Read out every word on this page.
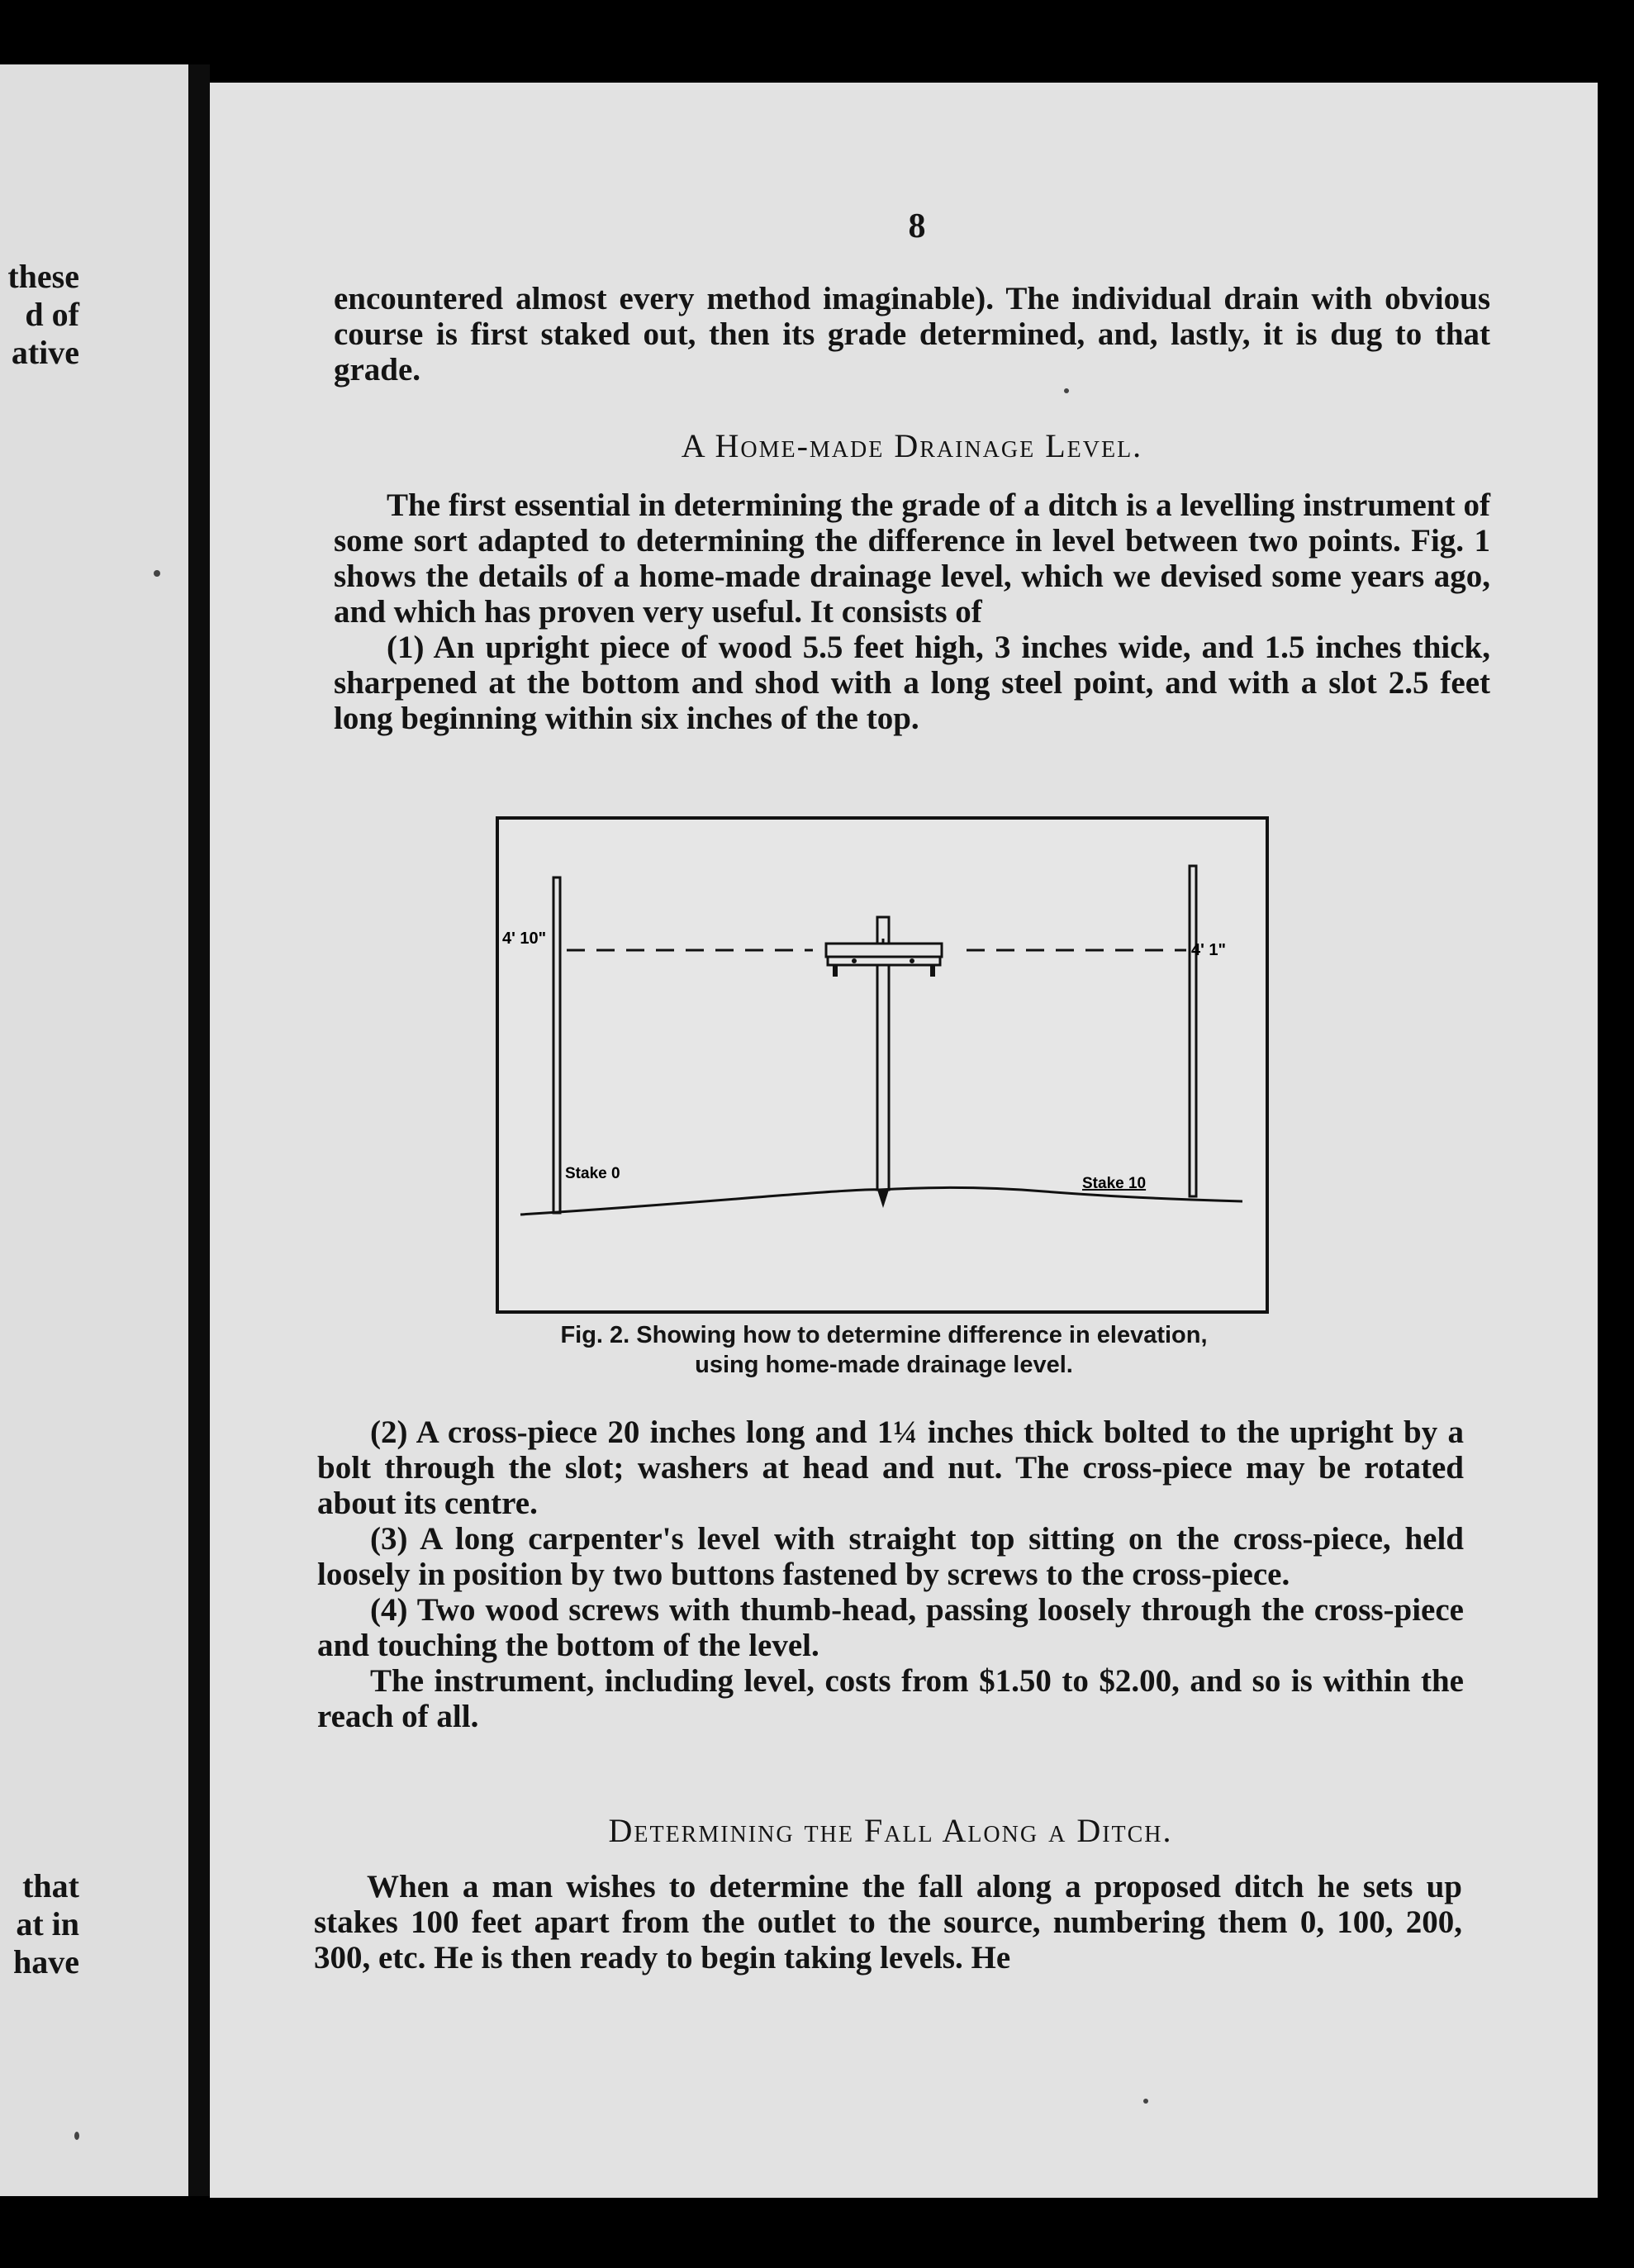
these
d of
ative
that
at in
have
8

encountered almost every method imaginable). The individual drain with obvious course is first staked out, then its grade determined, and, lastly, it is dug to that grade.

A Home-made Drainage Level.

The first essential in determining the grade of a ditch is a levelling instrument of some sort adapted to determining the difference in level between two points. Fig. 1 shows the details of a home-made drainage level, which we devised some years ago, and which has proven very useful. It consists of

(1) An upright piece of wood 5.5 feet high, 3 inches wide, and 1.5 inches thick, sharpened at the bottom and shod with a long steel point, and with a slot 2.5 feet long beginning within six inches of the top.

4' 10"
4' 1"
Stake 0
Stake 10
Fig. 2. Showing how to determine difference in elevation,
using home-made drainage level.

(2) A cross-piece 20 inches long and 1¼ inches thick bolted to the upright by a bolt through the slot; washers at head and nut. The cross-piece may be rotated about its centre.

(3) A long carpenter's level with straight top sitting on the cross-piece, held loosely in position by two buttons fastened by screws to the cross-piece.

(4) Two wood screws with thumb-head, passing loosely through the cross-piece and touching the bottom of the level.

The instrument, including level, costs from $1.50 to $2.00, and so is within the reach of all.

Determining the Fall Along a Ditch.

When a man wishes to determine the fall along a proposed ditch he sets up stakes 100 feet apart from the outlet to the source, numbering them 0, 100, 200, 300, etc. He is then ready to begin taking levels. He
